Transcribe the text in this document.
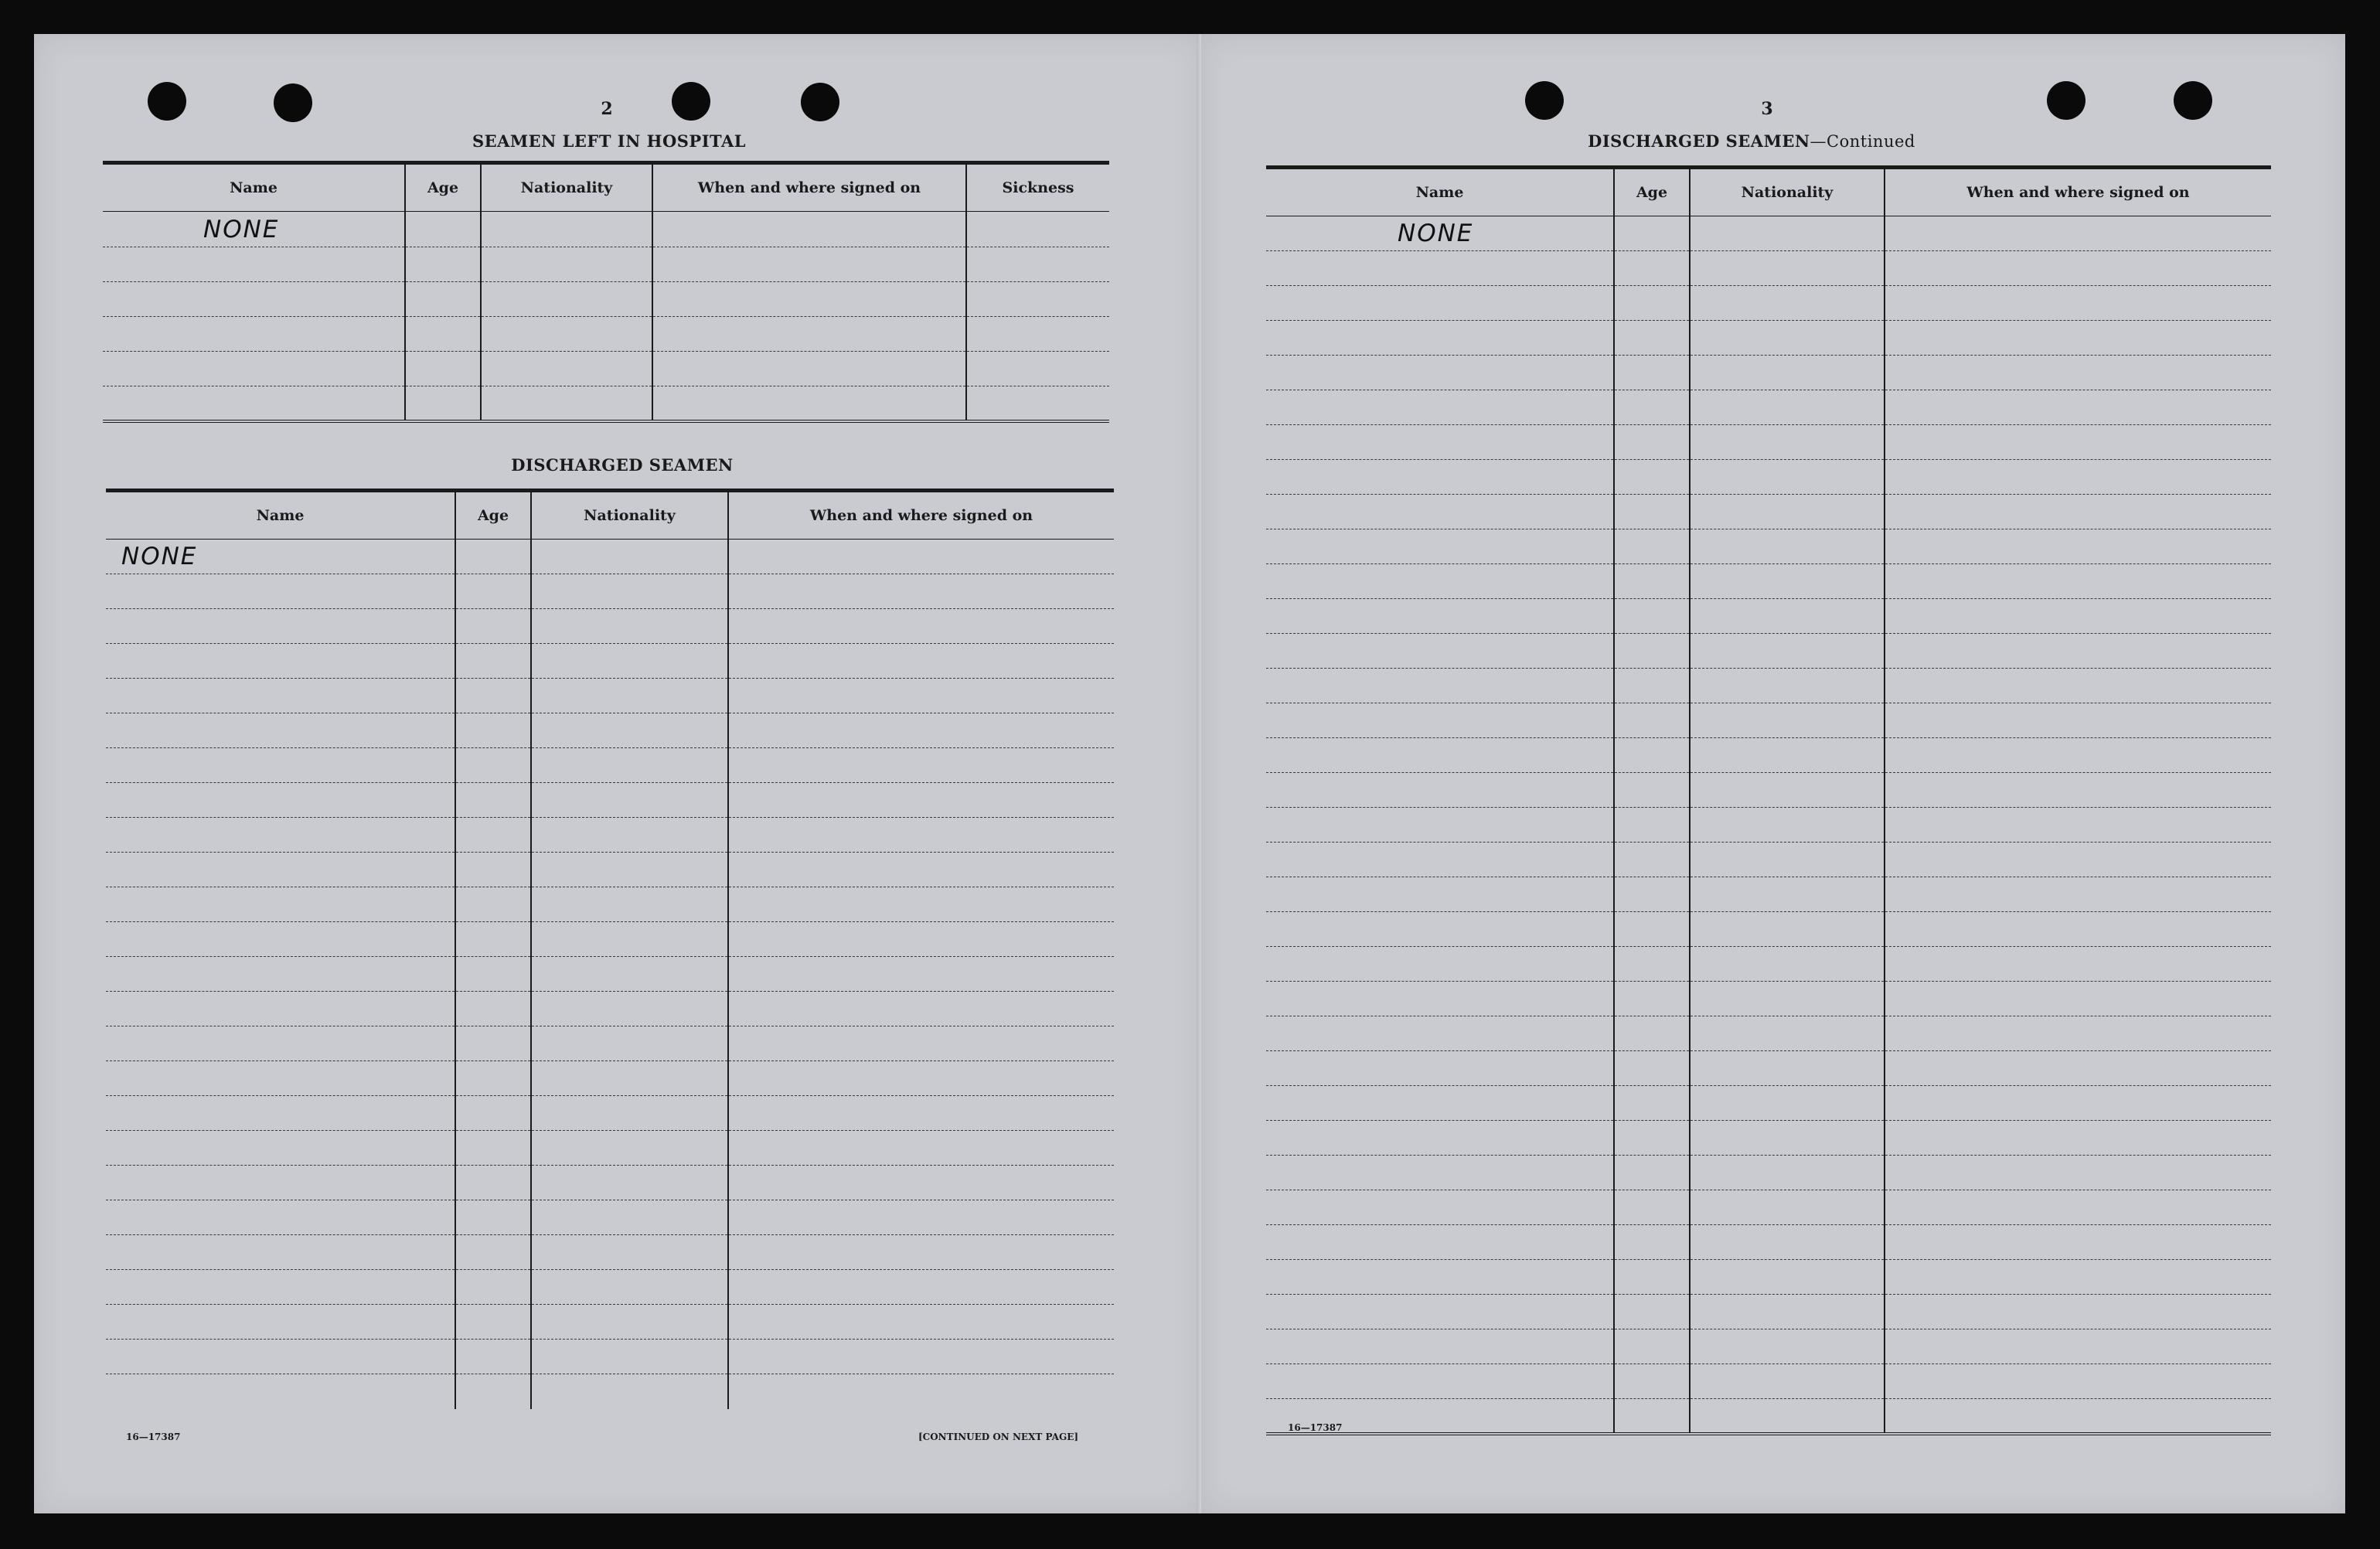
2
SEAMEN LEFT IN HOSPITAL
Name	Age	Nationality	When and where signed on	Sickness
NONE				

DISCHARGED SEAMEN
Name	Age	Nationality	When and where signed on
NONE			

16—17387	[CONTINUED ON NEXT PAGE]
3
DISCHARGED SEAMEN—Continued
Name	Age	Nationality	When and where signed on
NONE			

16—17387
